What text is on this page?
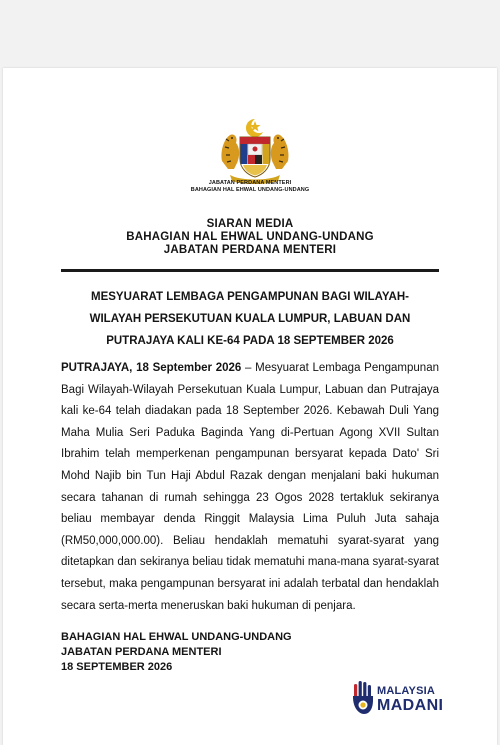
JABATAN PERDANA MENTERI
BAHAGIAN HAL EHWAL UNDANG-UNDANG
SIARAN MEDIA
BAHAGIAN HAL EHWAL UNDANG-UNDANG
JABATAN PERDANA MENTERI
MESYUARAT LEMBAGA PENGAMPUNAN BAGI WILAYAH-
WILAYAH PERSEKUTUAN KUALA LUMPUR, LABUAN DAN
PUTRAJAYA KALI KE-64 PADA 18 SEPTEMBER 2026

PUTRAJAYA, 18 September 2026 – Mesyuarat Lembaga Pengampunan Bagi Wilayah-Wilayah Persekutuan Kuala Lumpur, Labuan dan Putrajaya kali ke-64 telah diadakan pada 18 September 2026. Kebawah Duli Yang Maha Mulia Seri Paduka Baginda Yang di-Pertuan Agong XVII Sultan Ibrahim telah memperkenan pengampunan bersyarat kepada Dato' Sri Mohd Najib bin Tun Haji Abdul Razak dengan menjalani baki hukuman secara tahanan di rumah sehingga 23 Ogos 2028 tertakluk sekiranya beliau membayar denda Ringgit Malaysia Lima Puluh Juta sahaja (RM50,000,000.00). Beliau hendaklah mematuhi syarat-syarat yang ditetapkan dan sekiranya beliau tidak mematuhi mana-mana syarat-syarat tersebut, maka pengampunan bersyarat ini adalah terbatal dan hendaklah secara serta-merta meneruskan baki hukuman di penjara.

BAHAGIAN HAL EHWAL UNDANG-UNDANG
JABATAN PERDANA MENTERI
18 SEPTEMBER 2026
MALAYSIA
MADANI
